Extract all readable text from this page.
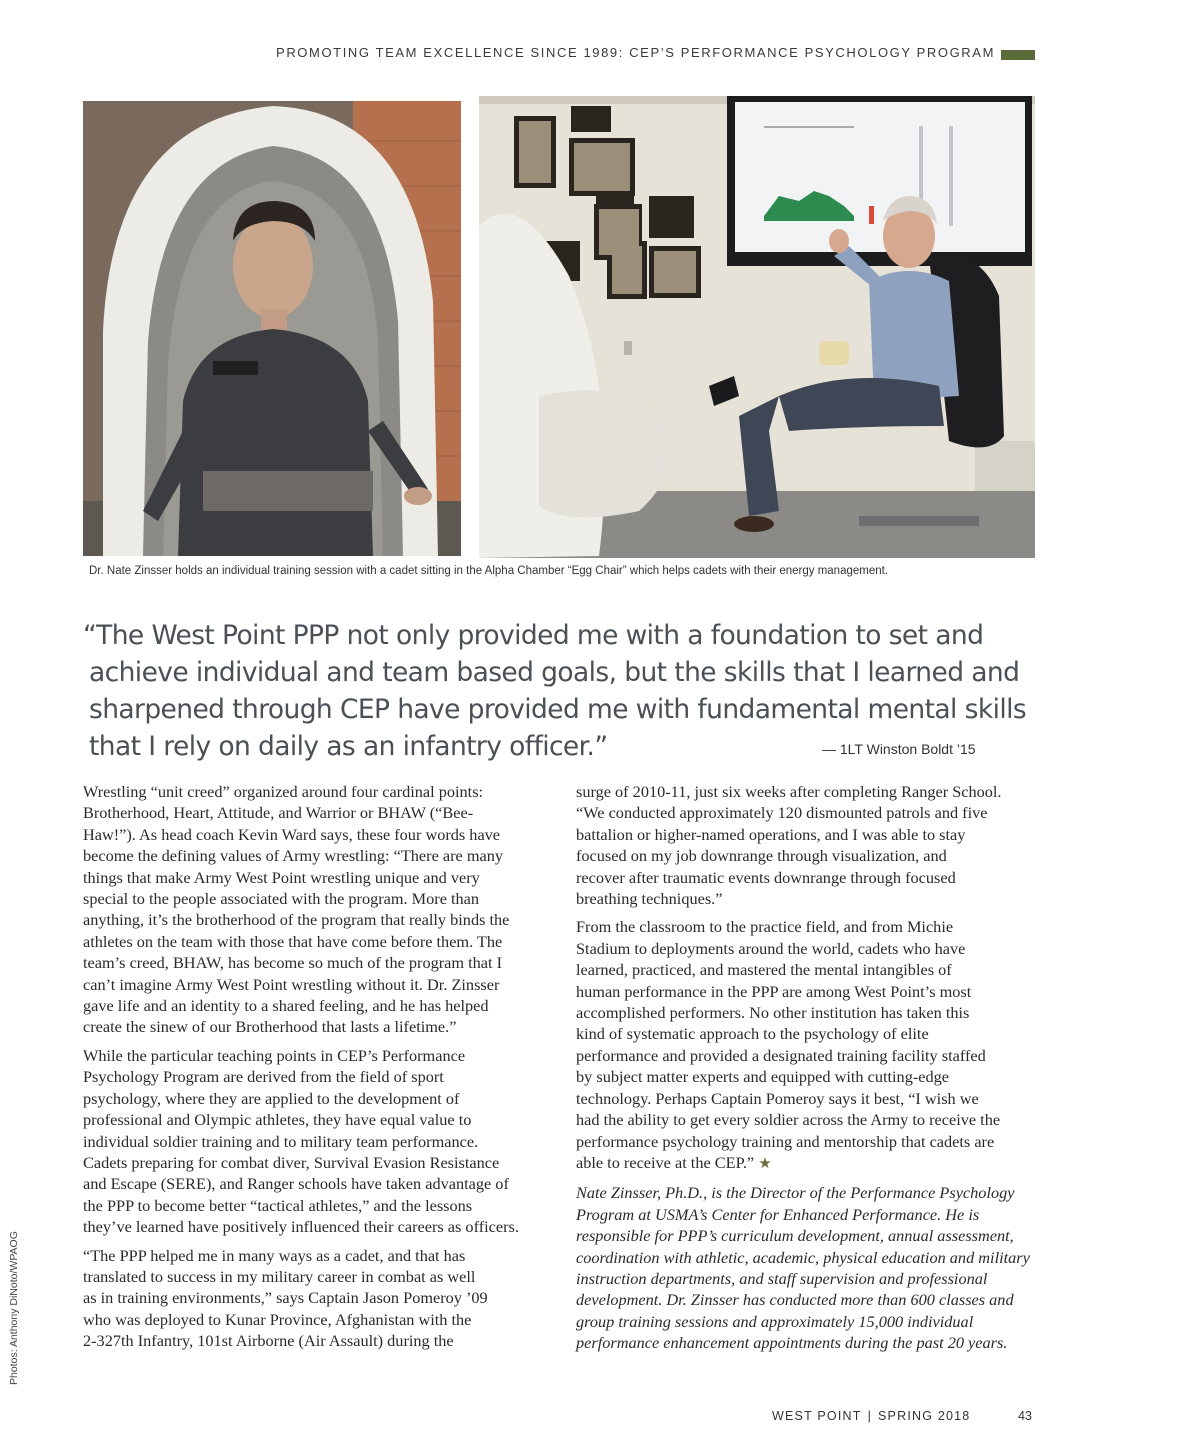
PROMOTING TEAM EXCELLENCE SINCE 1989: CEP’S PERFORMANCE PSYCHOLOGY PROGRAM
Dr. Nate Zinsser holds an individual training session with a cadet sitting in the Alpha Chamber “Egg Chair” which helps cadets with their energy management.
“The West Point PPP not only provided me with a foundation to set and
achieve individual and team based goals, but the skills that I learned and
sharpened through CEP have provided me with fundamental mental skills
that I rely on daily as an infantry officer.”	— 1LT Winston Boldt ’15

Wrestling “unit creed” organized around four cardinal points:
Brotherhood, Heart, Attitude, and Warrior or BHAW (“Bee-
Haw!”). As head coach Kevin Ward says, these four words have
become the defining values of Army wrestling: “There are many
things that make Army West Point wrestling unique and very
special to the people associated with the program. More than
anything, it’s the brotherhood of the program that really binds the
athletes on the team with those that have come before them. The
team’s creed, BHAW, has become so much of the program that I
can’t imagine Army West Point wrestling without it. Dr. Zinsser
gave life and an identity to a shared feeling, and he has helped
create the sinew of our Brotherhood that lasts a lifetime.”

While the particular teaching points in CEP’s Performance
Psychology Program are derived from the field of sport
psychology, where they are applied to the development of
professional and Olympic athletes, they have equal value to
individual soldier training and to military team performance.
Cadets preparing for combat diver, Survival Evasion Resistance
and Escape (SERE), and Ranger schools have taken advantage of
the PPP to become better “tactical athletes,” and the lessons
they’ve learned have positively influenced their careers as officers.

“The PPP helped me in many ways as a cadet, and that has
translated to success in my military career in combat as well
as in training environments,” says Captain Jason Pomeroy ’09
who was deployed to Kunar Province, Afghanistan with the
2-327th Infantry, 101st Airborne (Air Assault) during the

surge of 2010-11, just six weeks after completing Ranger School.
“We conducted approximately 120 dismounted patrols and five
battalion or higher-named operations, and I was able to stay
focused on my job downrange through visualization, and
recover after traumatic events downrange through focused
breathing techniques.”

From the classroom to the practice field, and from Michie
Stadium to deployments around the world, cadets who have
learned, practiced, and mastered the mental intangibles of
human performance in the PPP are among West Point’s most
accomplished performers. No other institution has taken this
kind of systematic approach to the psychology of elite
performance and provided a designated training facility staffed
by subject matter experts and equipped with cutting-edge
technology. Perhaps Captain Pomeroy says it best, “I wish we
had the ability to get every soldier across the Army to receive the
performance psychology training and mentorship that cadets are
able to receive at the CEP.” ★

Nate Zinsser, Ph.D., is the Director of the Performance Psychology
Program at USMA’s Center for Enhanced Performance. He is
responsible for PPP’s curriculum development, annual assessment,
coordination with athletic, academic, physical education and military
instruction departments, and staff supervision and professional
development. Dr. Zinsser has conducted more than 600 classes and
group training sessions and approximately 15,000 individual
performance enhancement appointments during the past 20 years.

Photos: Anthony DiNoto/WPAOG
WEST POINT | SPRING 2018	43
